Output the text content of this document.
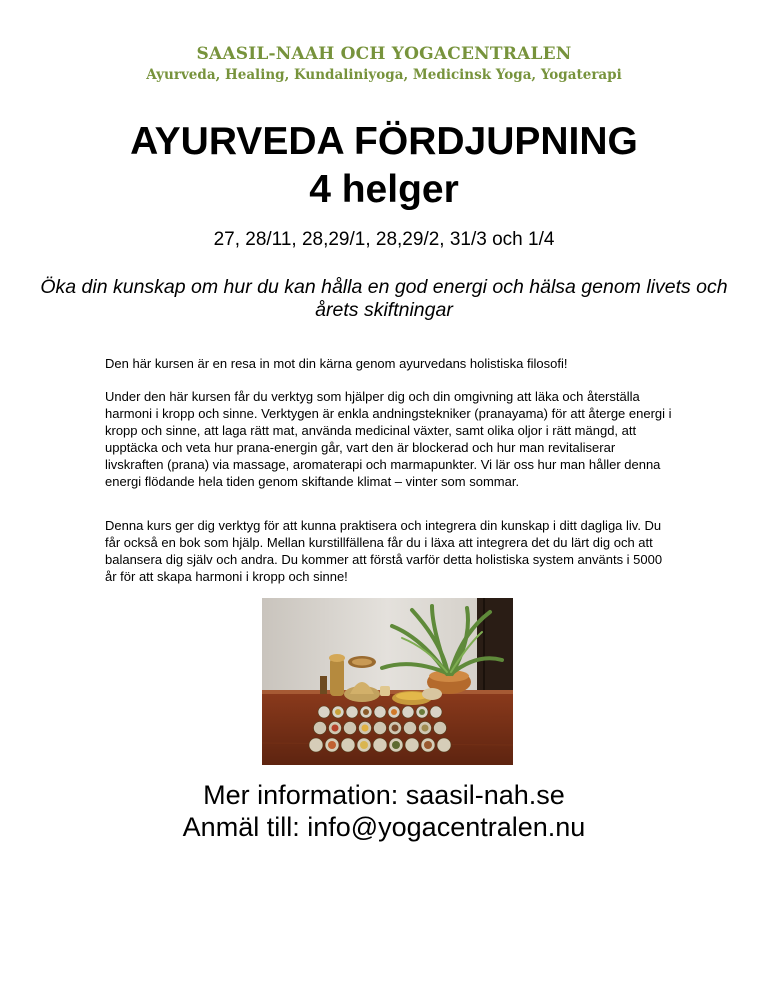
SAASIL-NAAH OCH YOGACENTRALEN
Ayurveda, Healing, Kundaliniyoga, Medicinsk Yoga, Yogaterapi
AYURVEDA FÖRDJUPNING
4 helger
27, 28/11, 28,29/1, 28,29/2, 31/3 och 1/4
Öka din kunskap om hur du kan hålla en god energi och hälsa genom livets och årets skiftningar

Den här kursen är en resa in mot din kärna genom ayurvedans holistiska filosofi!

Under den här kursen får du verktyg som hjälper dig och din omgivning att läka och återställa harmoni i kropp och sinne. Verktygen är enkla andningstekniker (pranayama) för att återge energi i kropp och sinne, att laga rätt mat, använda medicinal växter, samt olika oljor i rätt mängd, att upptäcka och veta hur prana-energin går, vart den är blockerad och hur man revitaliserar livskraften (prana) via massage, aromaterapi och marmapunkter. Vi lär oss hur man håller denna energi flödande hela tiden genom skiftande klimat – vinter som sommar.

Denna kurs ger dig verktyg för att kunna praktisera och integrera din kunskap i ditt dagliga liv. Du får också en bok som hjälp. Mellan kurstillfällena får du i läxa att integrera det du lärt dig och att balansera dig själv och andra. Du kommer att förstå varför detta holistiska system använts i 5000 år för att skapa harmoni i kropp och sinne!

Mer information: saasil-nah.se
Anmäl till: info@yogacentralen.nu
